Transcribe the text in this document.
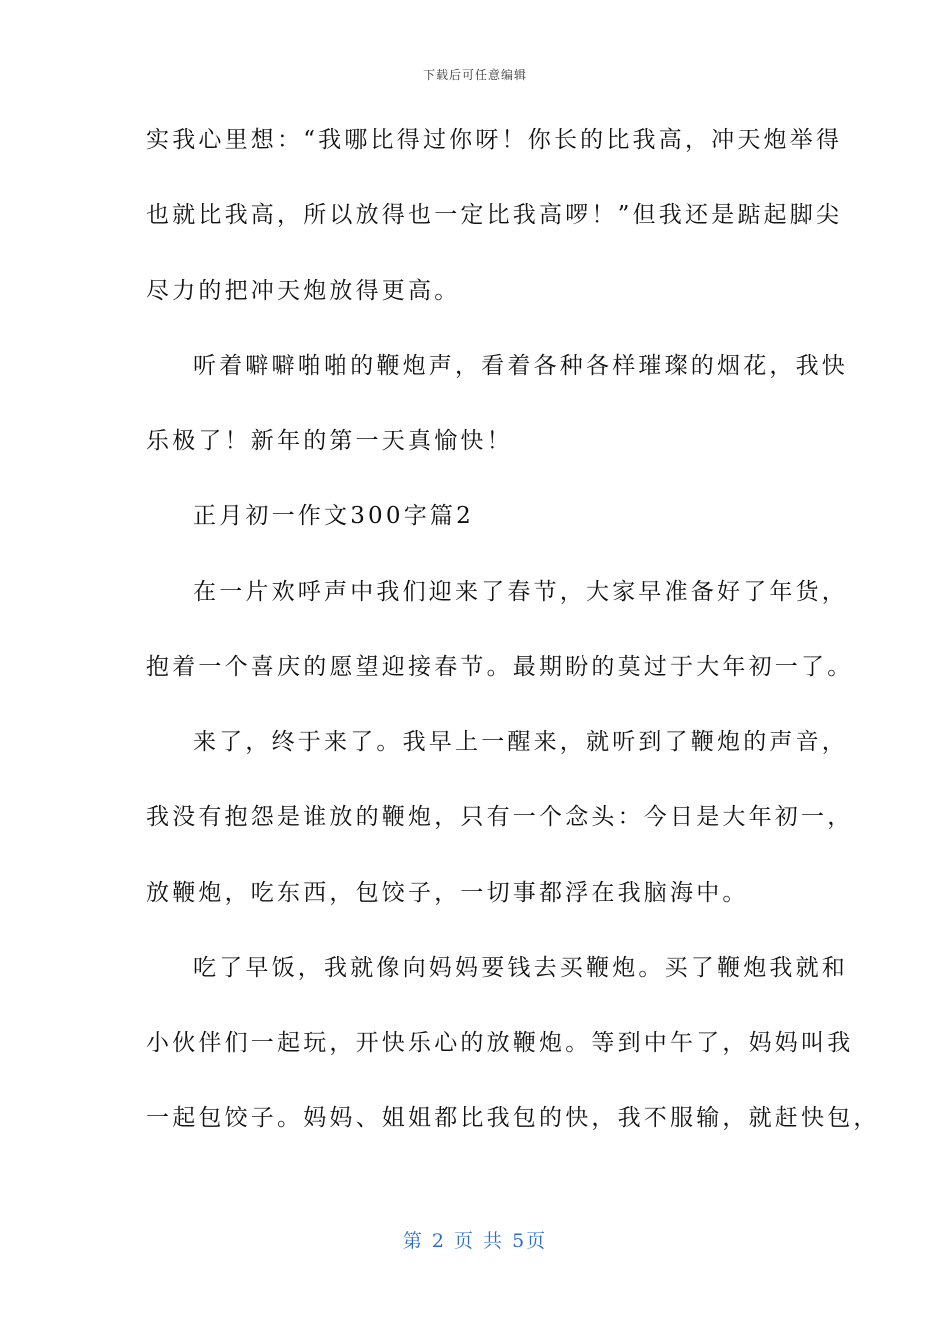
下载后可任意编辑
实我心里想：“我哪比得过你呀！你长的比我高，冲天炮举得
也就比我高，所以放得也一定比我高啰！”但我还是踮起脚尖
尽力的把冲天炮放得更高。
听着噼噼啪啪的鞭炮声，看着各种各样璀璨的烟花，我快
乐极了！新年的第一天真愉快！
正月初一作文300字篇2
在一片欢呼声中我们迎来了春节，大家早准备好了年货，
抱着一个喜庆的愿望迎接春节。最期盼的莫过于大年初一了。
来了，终于来了。我早上一醒来，就听到了鞭炮的声音，
我没有抱怨是谁放的鞭炮，只有一个念头：今日是大年初一，
放鞭炮，吃东西，包饺子，一切事都浮在我脑海中。
吃了早饭，我就像向妈妈要钱去买鞭炮。买了鞭炮我就和
小伙伴们一起玩，开快乐心的放鞭炮。等到中午了，妈妈叫我
一起包饺子。妈妈、姐姐都比我包的快，我不服输，就赶快包，
第 2 页 共 5页
